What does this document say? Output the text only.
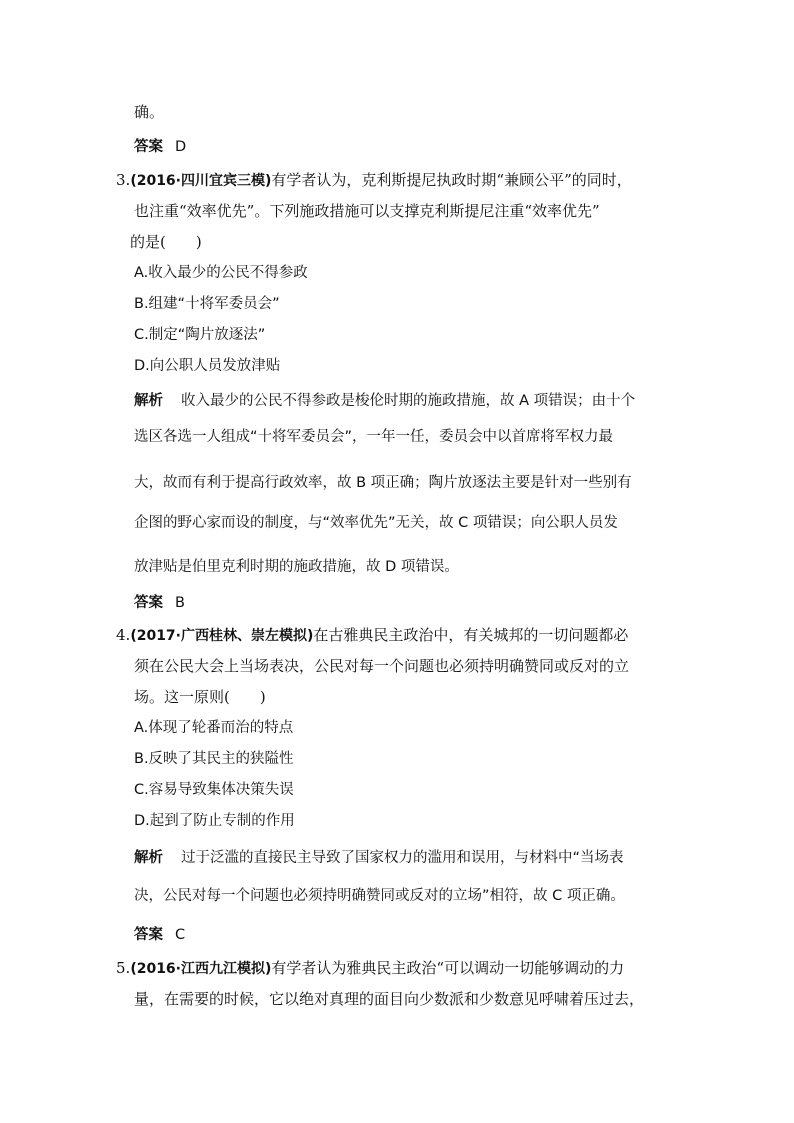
确。
答案 D
3.(2016·四川宜宾三模)有学者认为，克利斯提尼执政时期“兼顾公平”的同时，
也注重“效率优先”。下列施政措施可以支撑克利斯提尼注重“效率优先”
的是(　　)
A.收入最少的公民不得参政
B.组建“十将军委员会”
C.制定“陶片放逐法”
D.向公职人员发放津贴
解析 收入最少的公民不得参政是梭伦时期的施政措施，故 A 项错误；由十个
选区各选一人组成“十将军委员会”，一年一任，委员会中以首席将军权力最
大，故而有利于提高行政效率，故 B 项正确；陶片放逐法主要是针对一些别有
企图的野心家而设的制度，与“效率优先”无关，故 C 项错误；向公职人员发
放津贴是伯里克利时期的施政措施，故 D 项错误。
答案 B
4.(2017·广西桂林、崇左模拟)在古雅典民主政治中，有关城邦的一切问题都必
须在公民大会上当场表决，公民对每一个问题也必须持明确赞同或反对的立
场。这一原则(　　)
A.体现了轮番而治的特点
B.反映了其民主的狭隘性
C.容易导致集体决策失误
D.起到了防止专制的作用
解析 过于泛滥的直接民主导致了国家权力的滥用和误用，与材料中“当场表
决，公民对每一个问题也必须持明确赞同或反对的立场”相符，故 C 项正确。
答案 C
5.(2016·江西九江模拟)有学者认为雅典民主政治“可以调动一切能够调动的力
量，在需要的时候，它以绝对真理的面目向少数派和少数意见呼啸着压过去，
